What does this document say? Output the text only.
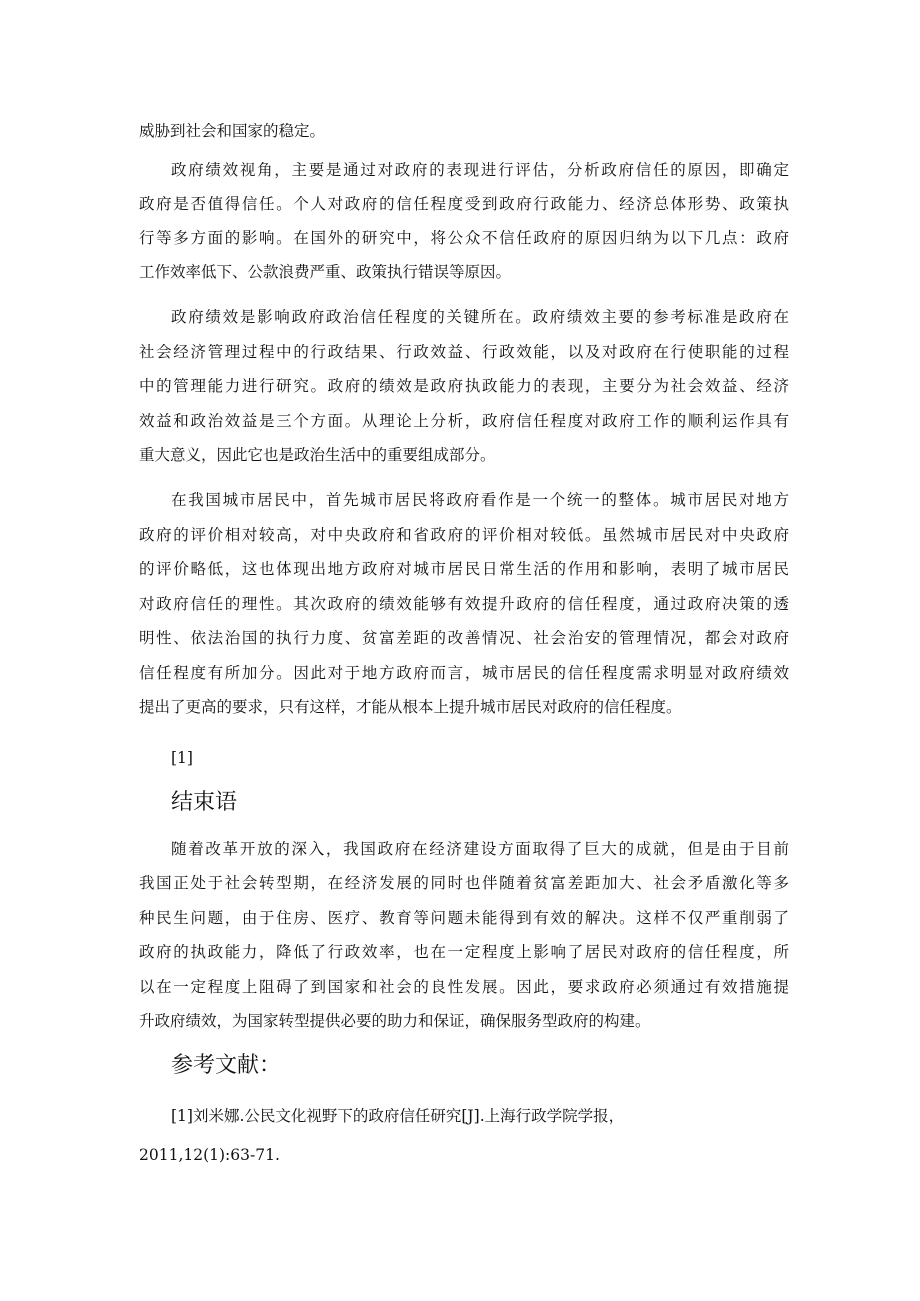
威胁到社会和国家的稳定。
政府绩效视角，主要是通过对政府的表现进行评估，分析政府信任的原因，即确定
政府是否值得信任。个人对政府的信任程度受到政府行政能力、经济总体形势、政策执
行等多方面的影响。在国外的研究中，将公众不信任政府的原因归纳为以下几点：政府
工作效率低下、公款浪费严重、政策执行错误等原因。
政府绩效是影响政府政治信任程度的关键所在。政府绩效主要的参考标准是政府在
社会经济管理过程中的行政结果、行政效益、行政效能，以及对政府在行使职能的过程
中的管理能力进行研究。政府的绩效是政府执政能力的表现，主要分为社会效益、经济
效益和政治效益是三个方面。从理论上分析，政府信任程度对政府工作的顺利运作具有
重大意义，因此它也是政治生活中的重要组成部分。
在我国城市居民中，首先城市居民将政府看作是一个统一的整体。城市居民对地方
政府的评价相对较高，对中央政府和省政府的评价相对较低。虽然城市居民对中央政府
的评价略低，这也体现出地方政府对城市居民日常生活的作用和影响，表明了城市居民
对政府信任的理性。其次政府的绩效能够有效提升政府的信任程度，通过政府决策的透
明性、依法治国的执行力度、贫富差距的改善情况、社会治安的管理情况，都会对政府
信任程度有所加分。因此对于地方政府而言，城市居民的信任程度需求明显对政府绩效
提出了更高的要求，只有这样，才能从根本上提升城市居民对政府的信任程度。
[1]
结束语
随着改革开放的深入，我国政府在经济建设方面取得了巨大的成就，但是由于目前
我国正处于社会转型期，在经济发展的同时也伴随着贫富差距加大、社会矛盾激化等多
种民生问题，由于住房、医疗、教育等问题未能得到有效的解决。这样不仅严重削弱了
政府的执政能力，降低了行政效率，也在一定程度上影响了居民对政府的信任程度，所
以在一定程度上阻碍了到国家和社会的良性发展。因此，要求政府必须通过有效措施提
升政府绩效，为国家转型提供必要的助力和保证，确保服务型政府的构建。
参考文献：
[1]刘米娜.公民文化视野下的政府信任研究[J].上海行政学院学报，
2011,12(1):63-71.
